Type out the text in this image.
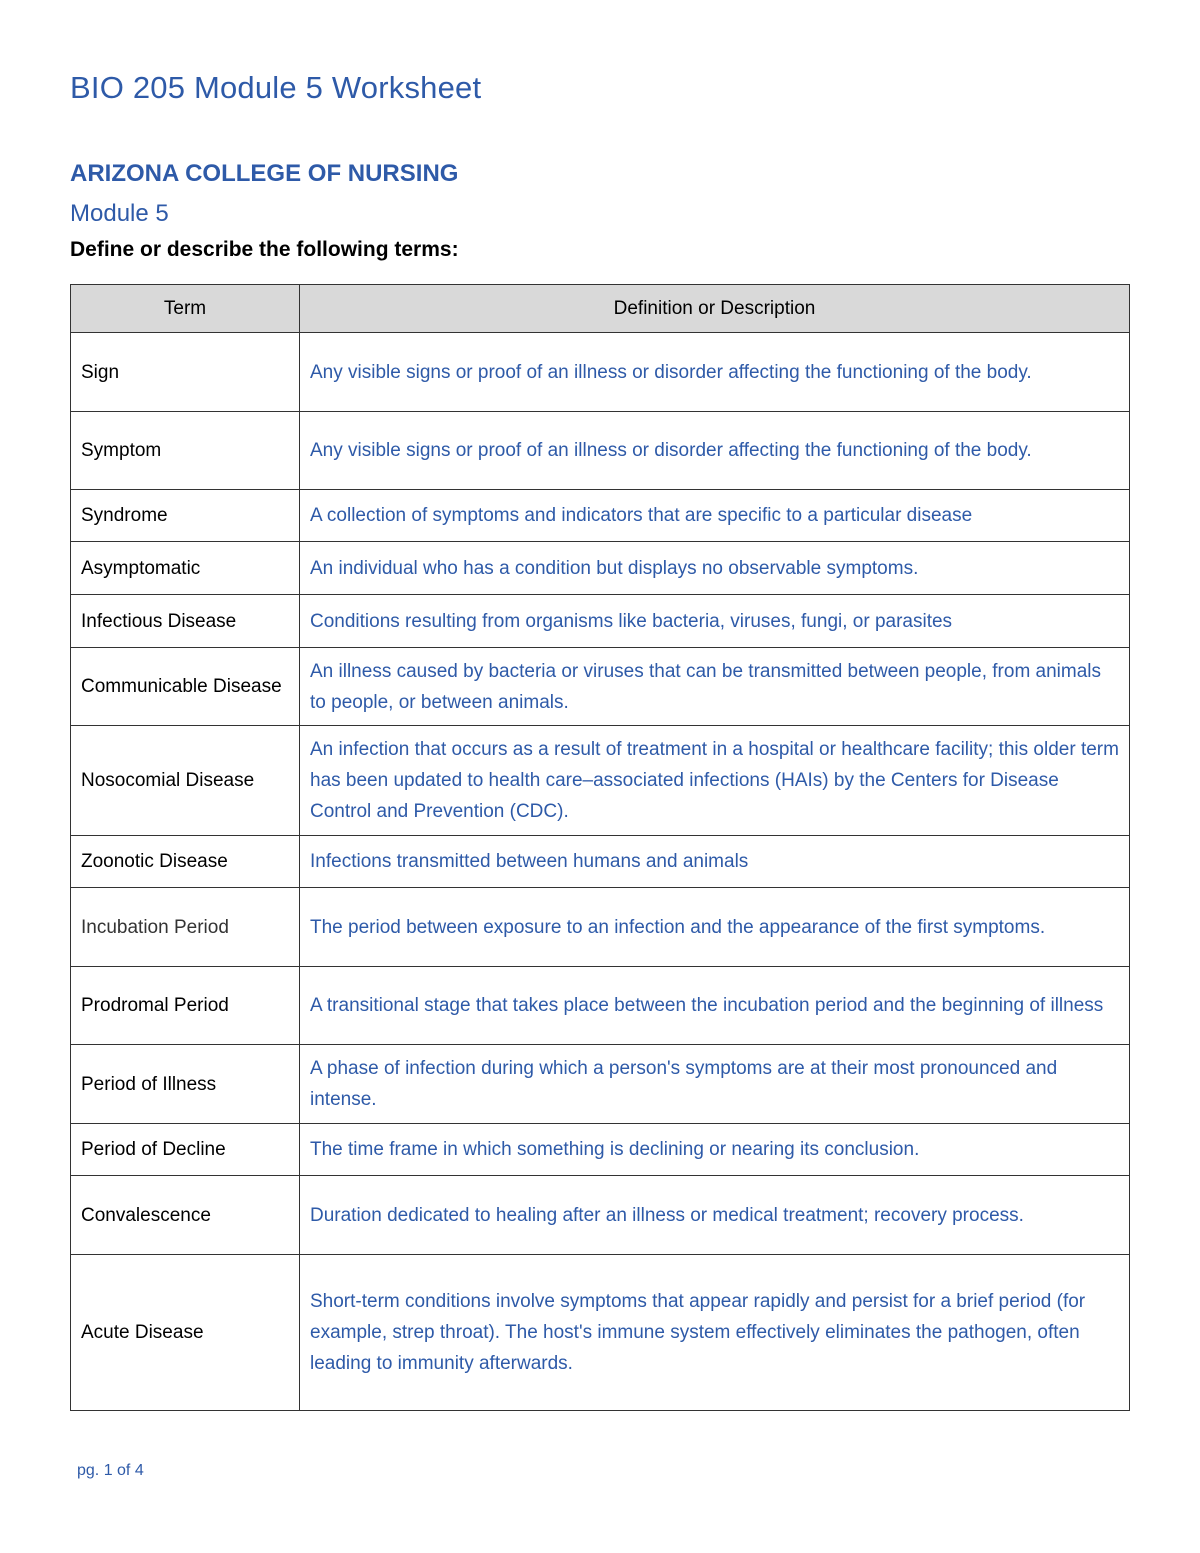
BIO 205 Module 5 Worksheet
ARIZONA COLLEGE OF NURSING
Module 5
Define or describe the following terms:
Term	Definition or Description
Sign	Any visible signs or proof of an illness or disorder affecting the functioning of the body.
Symptom	Any visible signs or proof of an illness or disorder affecting the functioning of the body.
Syndrome	A collection of symptoms and indicators that are specific to a particular disease
Asymptomatic	An individual who has a condition but displays no observable symptoms.
Infectious Disease	Conditions resulting from organisms like bacteria, viruses, fungi, or parasites
Communicable Disease	An illness caused by bacteria or viruses that can be transmitted between people, from animals to people, or between animals.
Nosocomial Disease	An infection that occurs as a result of treatment in a hospital or healthcare facility; this older term has been updated to health care–associated infections (HAIs) by the Centers for Disease Control and Prevention (CDC).
Zoonotic Disease	Infections transmitted between humans and animals
Incubation Period	The period between exposure to an infection and the appearance of the first symptoms.
Prodromal Period	A transitional stage that takes place between the incubation period and the beginning of illness
Period of Illness	A phase of infection during which a person's symptoms are at their most pronounced and intense.
Period of Decline	The time frame in which something is declining or nearing its conclusion.
Convalescence	Duration dedicated to healing after an illness or medical treatment; recovery process.
Acute Disease	Short-term conditions involve symptoms that appear rapidly and persist for a brief period (for example, strep throat). The host's immune system effectively eliminates the pathogen, often leading to immunity afterwards.
pg. 1 of 4
